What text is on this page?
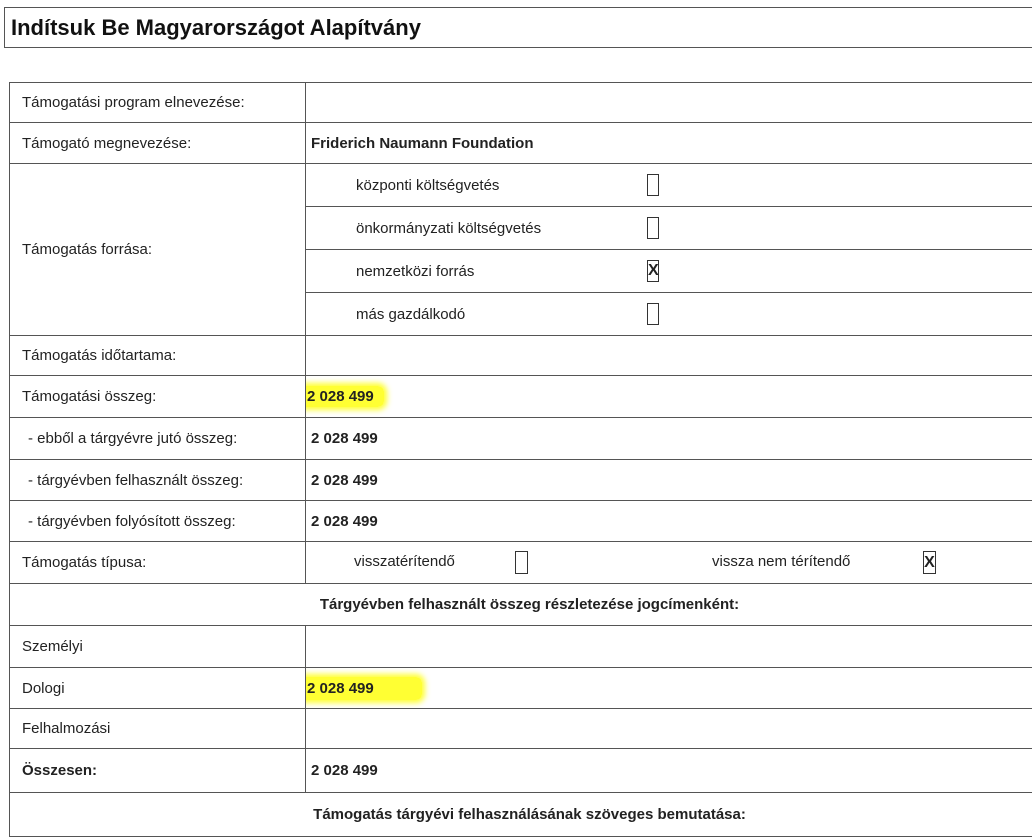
Indítsuk Be Magyarországot Alapítvány
Támogatási program elnevezése:	
Támogató megnevezése:	Friderich Naumann Foundation
Támogatás forrása:	központi költségvetés
önkormányzati költségvetés
nemzetközi forrás X
más gazdálkodó

Támogatás időtartama:	
Támogatási összeg:	2 028 499
- ebből a tárgyévre jutó összeg:	2 028 499
- tárgyévben felhasznált összeg:	2 028 499
- tárgyévben folyósított összeg:	2 028 499
Támogatás típusa:	visszatérítendő vissza nem térítendő X

Tárgyévben felhasznált összeg részletezése jogcímenként:	
Személyi	
Dologi	2 028 499
Felhalmozási	
Összesen:	2 028 499
Támogatás tárgyévi felhasználásának szöveges bemutatása:	
